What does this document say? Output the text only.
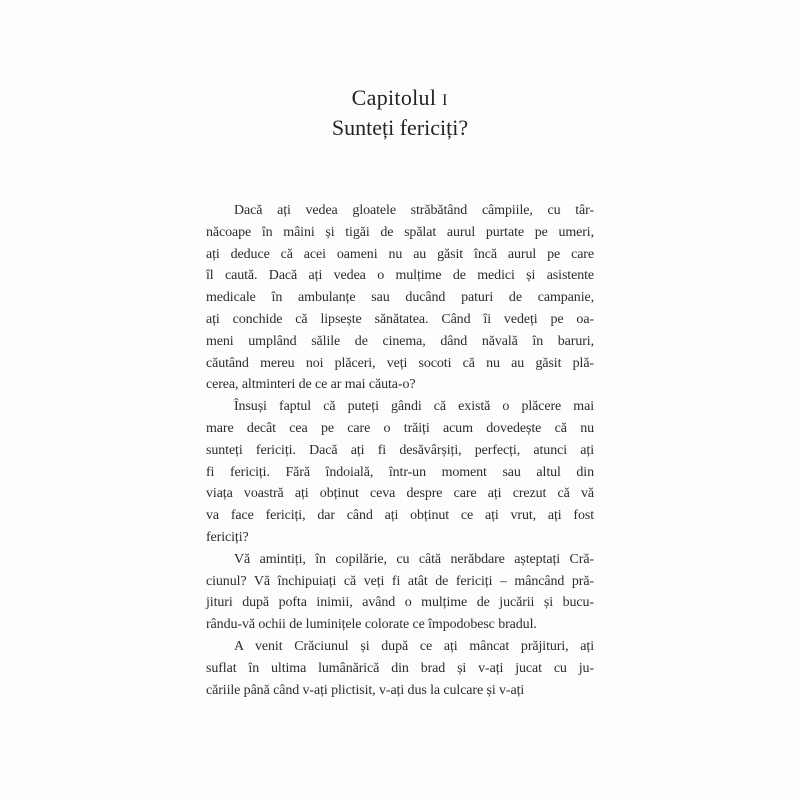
Capitolul I
Sunteți fericiți?
Dacă ați vedea gloatele străbătând câmpiile, cu târ-
năcoape în mâini și tigăi de spălat aurul purtate pe umeri,
ați deduce că acei oameni nu au găsit încă aurul pe care
îl caută. Dacă ați vedea o mulțime de medici și asistente
medicale în ambulanțe sau ducând paturi de campanie,
ați conchide că lipsește sănătatea. Când îi vedeți pe oa-
meni umplând sălile de cinema, dând năvală în baruri,
căutând mereu noi plăceri, veți socoti că nu au găsit plă-
cerea, altminteri de ce ar mai căuta-o?
Însuși faptul că puteți gândi că există o plăcere mai
mare decât cea pe care o trăiți acum dovedește că nu
sunteți fericiți. Dacă ați fi desăvârșiți, perfecți, atunci ați
fi fericiți. Fără îndoială, într-un moment sau altul din
viața voastră ați obținut ceva despre care ați crezut că vă
va face fericiți, dar când ați obținut ce ați vrut, ați fost
fericiți?
Vă amintiți, în copilărie, cu câtă nerăbdare așteptați Cră-
ciunul? Vă închipuiați că veți fi atât de fericiți – mâncând pră-
jituri după pofta inimii, având o mulțime de jucării și bucu-
rându-vă ochii de luminițele colorate ce împodobesc bradul.
A venit Crăciunul și după ce ați mâncat prăjituri, ați
suflat în ultima lumânărică din brad și v-ați jucat cu ju-
căriile până când v-ați plictisit, v-ați dus la culcare și v-ați
